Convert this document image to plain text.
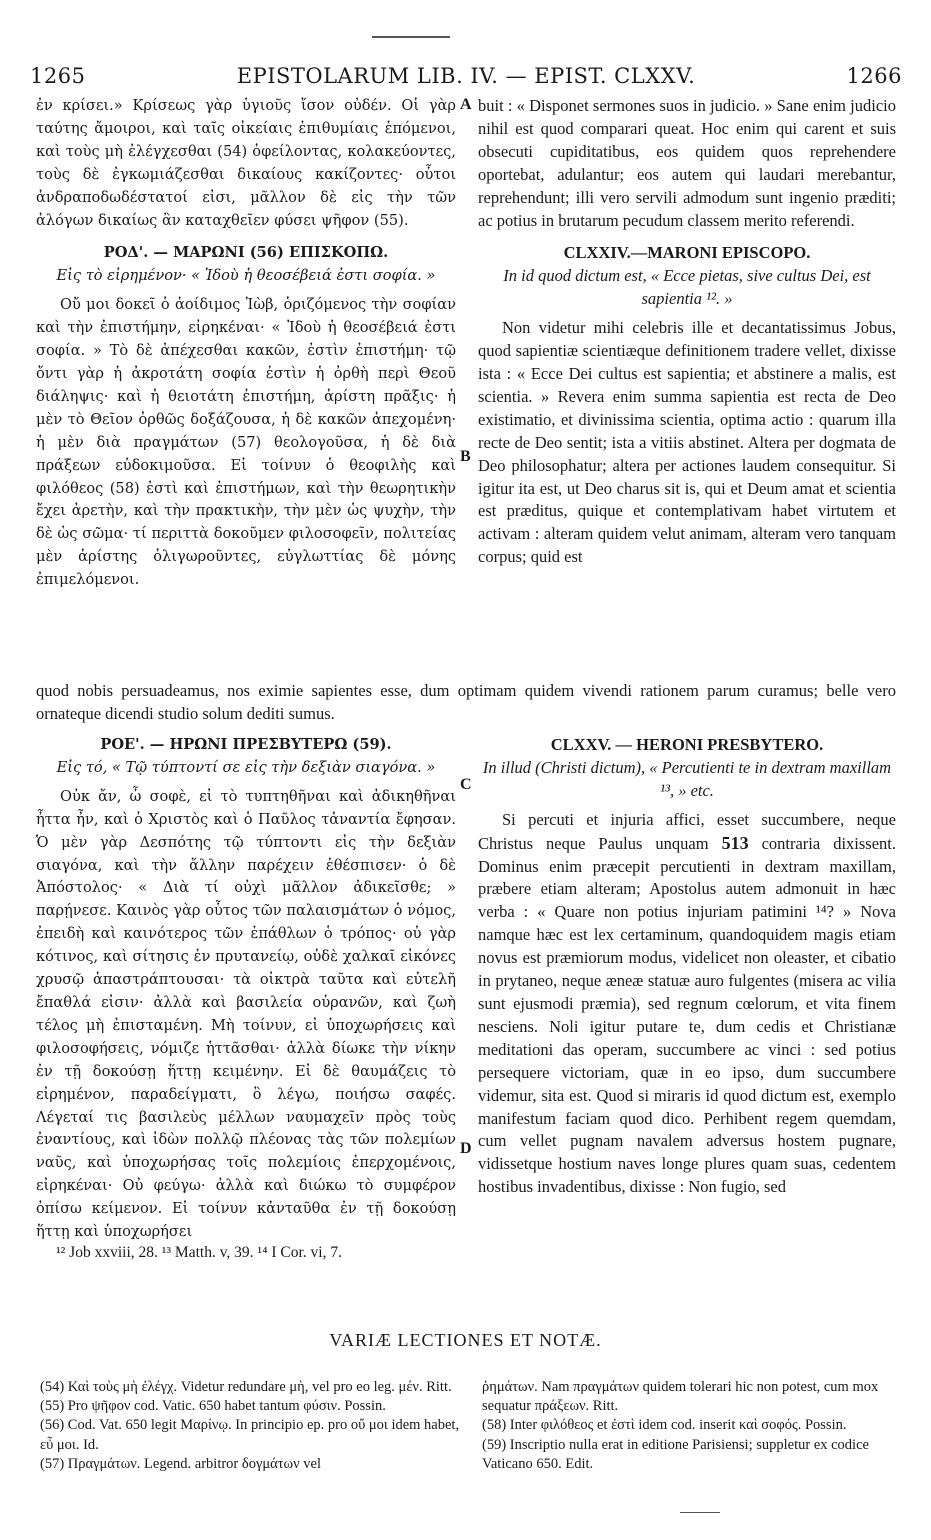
1265	EPISTOLARUM LIB. IV. — EPIST. CLXXV.	1266

ἐν κρίσει.» Κρίσεως γὰρ ὑγιοῦς ἴσον οὐδέν. Οἱ γὰρ ταύτης ἄμοιροι, καὶ ταῖς οἰκείαις ἐπιθυμίαις ἑπόμενοι, καὶ τοὺς μὴ ἐλέγχεσθαι (54) ὀφείλοντας, κολακεύοντες, τοὺς δὲ ἐγκωμιάζεσθαι δικαίους κακίζοντες· οὗτοι ἀνδραποδωδέστατοί εἰσι, μᾶλλον δὲ εἰς τὴν τῶν ἀλόγων δικαίως ἂν καταχθεῖεν φύσει ψῆφον (55).

ΡΟΔ'. — ΜΑΡΩΝΙ (56) ΕΠΙΣΚΟΠΩ.

Εἰς τὸ εἰρημένον· « Ἰδοὺ ἡ θεοσέβειά ἐστι σοφία. »

Οὔ μοι δοκεῖ ὁ ἀοίδιμος Ἰὼβ, ὁριζόμενος τὴν σοφίαν καὶ τὴν ἐπιστήμην, εἰρηκέναι· « Ἰδοὺ ἡ θεοσέβειά ἐστι σοφία. » Τὸ δὲ ἀπέχεσθαι κακῶν, ἐστὶν ἐπιστήμη· τῷ ὄντι γὰρ ἡ ἀκροτάτη σοφία ἐστὶν ἡ ὀρθὴ περὶ Θεοῦ διάληψις· καὶ ἡ θειοτάτη ἐπιστήμη, ἀρίστη πρᾶξις· ἡ μὲν τὸ Θεῖον ὀρθῶς δοξάζουσα, ἡ δὲ κακῶν ἀπεχομένη· ἡ μὲν διὰ πραγμάτων (57) θεολογοῦσα, ἡ δὲ διὰ πράξεων εὐδοκιμοῦσα. Εἰ τοίνυν ὁ θεοφιλὴς καὶ φιλόθεος (58) ἐστὶ καὶ ἐπιστήμων, καὶ τὴν θεωρητικὴν ἔχει ἀρετὴν, καὶ τὴν πρακτικὴν, τὴν μὲν ὡς ψυχὴν, τὴν δὲ ὡς σῶμα· τί περιττὰ δοκοῦμεν φιλοσοφεῖν, πολιτείας μὲν ἀρίστης ὀλιγωροῦντες, εὐγλωττίας δὲ μόνης ἐπιμελόμενοι.

buit : « Disponet sermones suos in judicio. » Sane enim judicio nihil est quod comparari queat. Hoc enim qui carent et suis obsecuti cupiditatibus, eos quidem quos reprehendere oportebat, adulantur; eos autem qui laudari merebantur, reprehendunt; illi vero servili admodum sunt ingenio præditi; ac potius in brutarum pecudum classem merito referendi.

CLXXIV.—MARONI EPISCOPO.

In id quod dictum est, « Ecce pietas, sive cultus Dei, est sapientia ¹². »

Non videtur mihi celebris ille et decantatissimus Jobus, quod sapientiæ scientiæque definitionem tradere vellet, dixisse ista : « Ecce Dei cultus est sapientia; et abstinere a malis, est scientia. » Revera enim summa sapientia est recta de Deo existimatio, et divinissima scientia, optima actio : quarum illa recte de Deo sentit; ista a vitiis abstinet. Altera per dogmata de Deo philosophatur; altera per actiones laudem consequitur. Si igitur ita est, ut Deo charus sit is, qui et Deum amat et scientia est præditus, quique et contemplativam habet virtutem et activam : alteram quidem velut animam, alteram vero tanquam corpus; quid est

quod nobis persuadeamus, nos eximie sapientes esse, dum optimam quidem vivendi rationem parum curamus; belle vero ornateque dicendi studio solum dediti sumus.

ΡΟΕ'. — ΗΡΩΝΙ ΠΡΕΣΒΥΤΕΡΩ (59).

Εἰς τό, « Τῷ τύπτοντί σε εἰς τὴν δεξιὰν σιαγόνα. »

Οὐκ ἄν, ὦ σοφὲ, εἰ τὸ τυπτηθῆναι καὶ ἀδικηθῆναι ἧττα ἦν, καὶ ὁ Χριστὸς καὶ ὁ Παῦλος τἀναντία ἔφησαν. Ὁ μὲν γὰρ Δεσπότης τῷ τύπτοντι εἰς τὴν δεξιὰν σιαγόνα, καὶ τὴν ἄλλην παρέχειν ἐθέσπισεν· ὁ δὲ Ἀπόστολος· « Διὰ τί οὐχὶ μᾶλλον ἀδικεῖσθε; » παρῄνεσε. Καινὸς γὰρ οὗτος τῶν παλαισμάτων ὁ νόμος, ἐπειδὴ καὶ καινότερος τῶν ἐπάθλων ὁ τρόπος· οὐ γὰρ κότινος, καὶ σίτησις ἐν πρυτανείῳ, οὐδὲ χαλκαῖ εἰκόνες χρυσῷ ἀπαστράπτουσαι· τὰ οἰκτρὰ ταῦτα καὶ εὐτελῆ ἔπαθλά εἰσιν· ἀλλὰ καὶ βασιλεία οὐρανῶν, καὶ ζωὴ τέλος μὴ ἐπισταμένη. Μὴ τοίνυν, εἰ ὑποχωρήσεις καὶ φιλοσοφήσεις, νόμιζε ἡττᾶσθαι· ἀλλὰ δίωκε τὴν νίκην ἐν τῇ δοκούσῃ ἥττῃ κειμένην. Εἰ δὲ θαυμάζεις τὸ εἰρημένον, παραδείγματι, ὃ λέγω, ποιήσω σαφές. Λέγεταί τις βασιλεὺς μέλλων ναυμαχεῖν πρὸς τοὺς ἐναντίους, καὶ ἰδὼν πολλῷ πλέονας τὰς τῶν πολεμίων ναῦς, καὶ ὑποχωρήσας τοῖς πολεμίοις ἐπερχομένοις, εἰρηκέναι· Οὐ φεύγω· ἀλλὰ καὶ διώκω τὸ συμφέρον ὀπίσω κείμενον. Εἰ τοίνυν κἀνταῦθα ἐν τῇ δοκούσῃ ἥττῃ καὶ ὑποχωρήσει

CLXXV. — HERONI PRESBYTERO.

In illud (Christi dictum), « Percutienti te in dextram maxillam ¹³, » etc.

Si percuti et injuria affici, esset succumbere, neque Christus neque Paulus unquam 513 contraria dixissent. Dominus enim præcepit percutienti in dextram maxillam, præbere etiam alteram; Apostolus autem admonuit in hæc verba : « Quare non potius injuriam patimini ¹⁴? » Nova namque hæc est lex certaminum, quandoquidem magis etiam novus est præmiorum modus, videlicet non oleaster, et cibatio in prytaneo, neque æneæ statuæ auro fulgentes (misera ac vilia sunt ejusmodi præmia), sed regnum cœlorum, et vita finem nesciens. Noli igitur putare te, dum cedis et Christianæ meditationi das operam, succumbere ac vinci : sed potius persequere victoriam, quæ in eo ipso, dum succumbere videmur, sita est. Quod si miraris id quod dictum est, exemplo manifestum faciam quod dico. Perhibent regem quemdam, cum vellet pugnam navalem adversus hostem pugnare, vidissetque hostium naves longe plures quam suas, cedentem hostibus invadentibus, dixisse : Non fugio, sed

A
B
C
D
¹² Job xxviii, 28. ¹³ Matth. v, 39. ¹⁴ I Cor. vi, 7.
VARIÆ LECTIONES ET NOTÆ.

(54) Καὶ τοὺς μὴ ἐλέγχ. Videtur redundare μὴ, vel pro eo leg. μέν. Ritt.

(55) Pro ψῆφον cod. Vatic. 650 habet tantum φύσιν. Possin.

(56) Cod. Vat. 650 legit Μαρίνῳ. In principio ep. pro οὔ μοι idem habet, εὖ μοι. Id.

(57) Πραγμάτων. Legend. arbitror δογμάτων vel

ῥημάτων. Nam πραγμάτων quidem tolerari hic non potest, cum mox sequatur πράξεων. Ritt.

(58) Inter φιλόθεος et ἐστὶ idem cod. inserit καὶ σοφός. Possin.

(59) Inscriptio nulla erat in editione Parisiensi; suppletur ex codice Vaticano 650. Edit.
